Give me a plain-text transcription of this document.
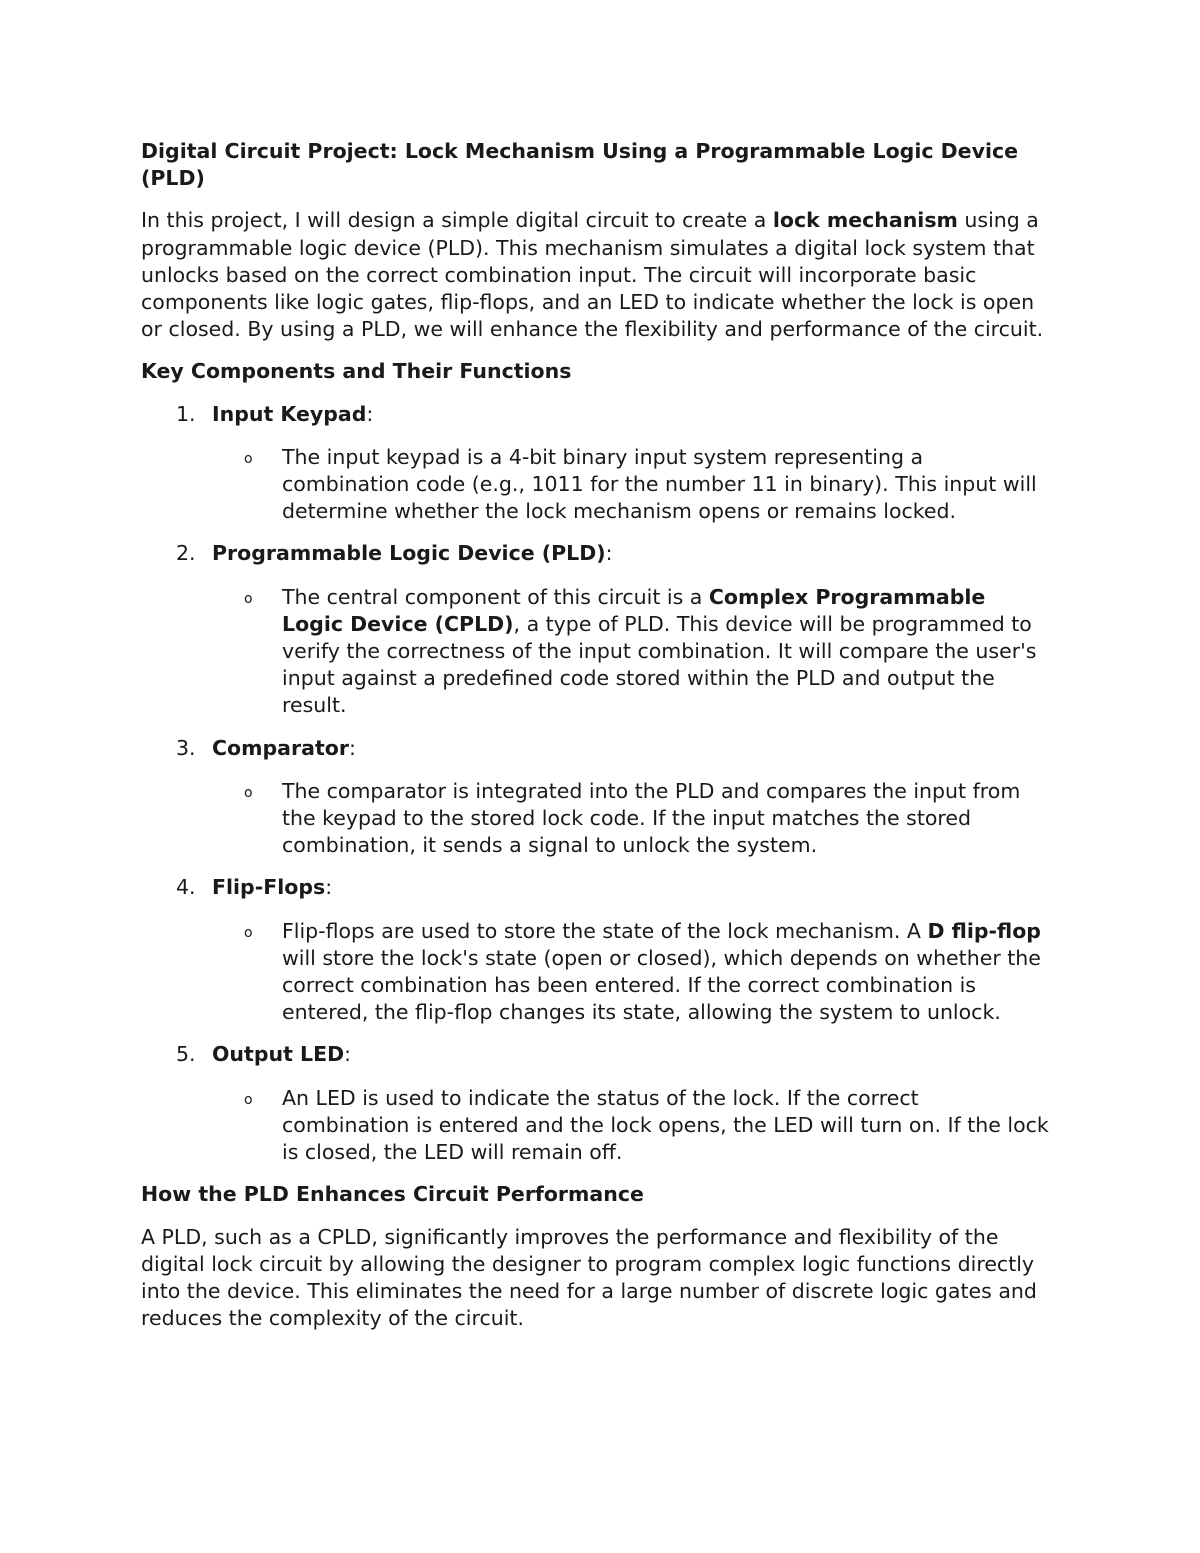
Digital Circuit Project: Lock Mechanism Using a Programmable Logic Device (PLD)

In this project, I will design a simple digital circuit to create a lock mechanism using a programmable logic device (PLD). This mechanism simulates a digital lock system that unlocks based on the correct combination input. The circuit will incorporate basic components like logic gates, flip-flops, and an LED to indicate whether the lock is open or closed. By using a PLD, we will enhance the flexibility and performance of the circuit.

Key Components and Their Functions
1. Input Keypad:
o	The input keypad is a 4-bit binary input system representing a combination code (e.g., 1011 for the number 11 in binary). This input will determine whether the lock mechanism opens or remains locked.
2. Programmable Logic Device (PLD):
o	The central component of this circuit is a Complex Programmable Logic Device (CPLD), a type of PLD. This device will be programmed to verify the correctness of the input combination. It will compare the user's input against a predefined code stored within the PLD and output the result.
3. Comparator:
o	The comparator is integrated into the PLD and compares the input from the keypad to the stored lock code. If the input matches the stored combination, it sends a signal to unlock the system.
4. Flip-Flops:
o	Flip-flops are used to store the state of the lock mechanism. A D flip-flop will store the lock's state (open or closed), which depends on whether the correct combination has been entered. If the correct combination is entered, the flip-flop changes its state, allowing the system to unlock.
5. Output LED:
o	An LED is used to indicate the status of the lock. If the correct combination is entered and the lock opens, the LED will turn on. If the lock is closed, the LED will remain off.
How the PLD Enhances Circuit Performance

A PLD, such as a CPLD, significantly improves the performance and flexibility of the digital lock circuit by allowing the designer to program complex logic functions directly into the device. This eliminates the need for a large number of discrete logic gates and reduces the complexity of the circuit.
